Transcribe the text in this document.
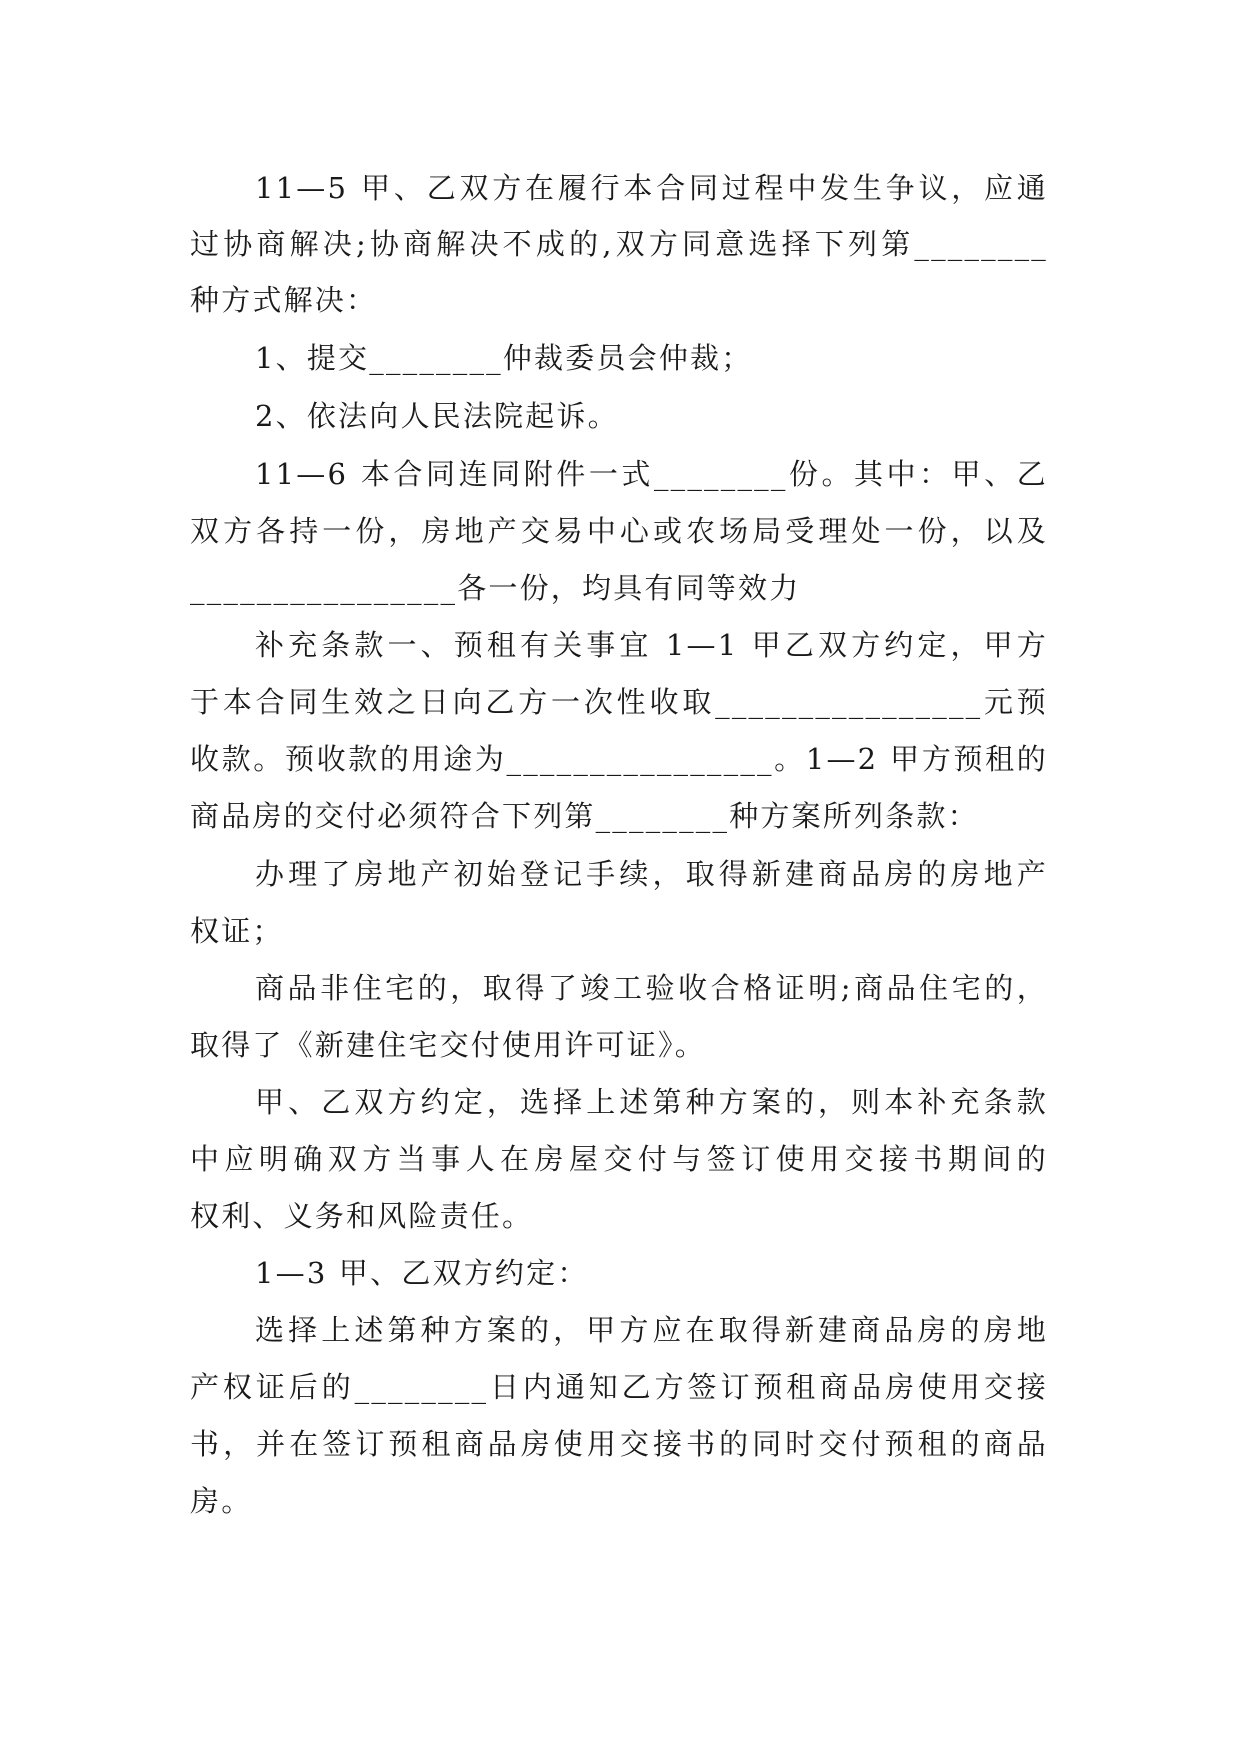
11—5 甲、乙双方在履行本合同过程中发生争议，应通
过协商解决;协商解决不成的,双方同意选择下列第________
种方式解决：
1、提交________仲裁委员会仲裁；
2、依法向人民法院起诉。
11—6 本合同连同附件一式________份。其中：甲、乙
双方各持一份，房地产交易中心或农场局受理处一份，以及
________________各一份，均具有同等效力
补充条款一、预租有关事宜 1—1 甲乙双方约定，甲方
于本合同生效之日向乙方一次性收取________________元预
收款。预收款的用途为________________。1—2 甲方预租的
商品房的交付必须符合下列第________种方案所列条款：
办理了房地产初始登记手续，取得新建商品房的房地产
权证；
商品非住宅的，取得了竣工验收合格证明;商品住宅的，
取得了《新建住宅交付使用许可证》。
甲、乙双方约定，选择上述第种方案的，则本补充条款
中应明确双方当事人在房屋交付与签订使用交接书期间的
权利、义务和风险责任。
1—3 甲、乙双方约定：
选择上述第种方案的，甲方应在取得新建商品房的房地
产权证后的________日内通知乙方签订预租商品房使用交接
书，并在签订预租商品房使用交接书的同时交付预租的商品
房。
